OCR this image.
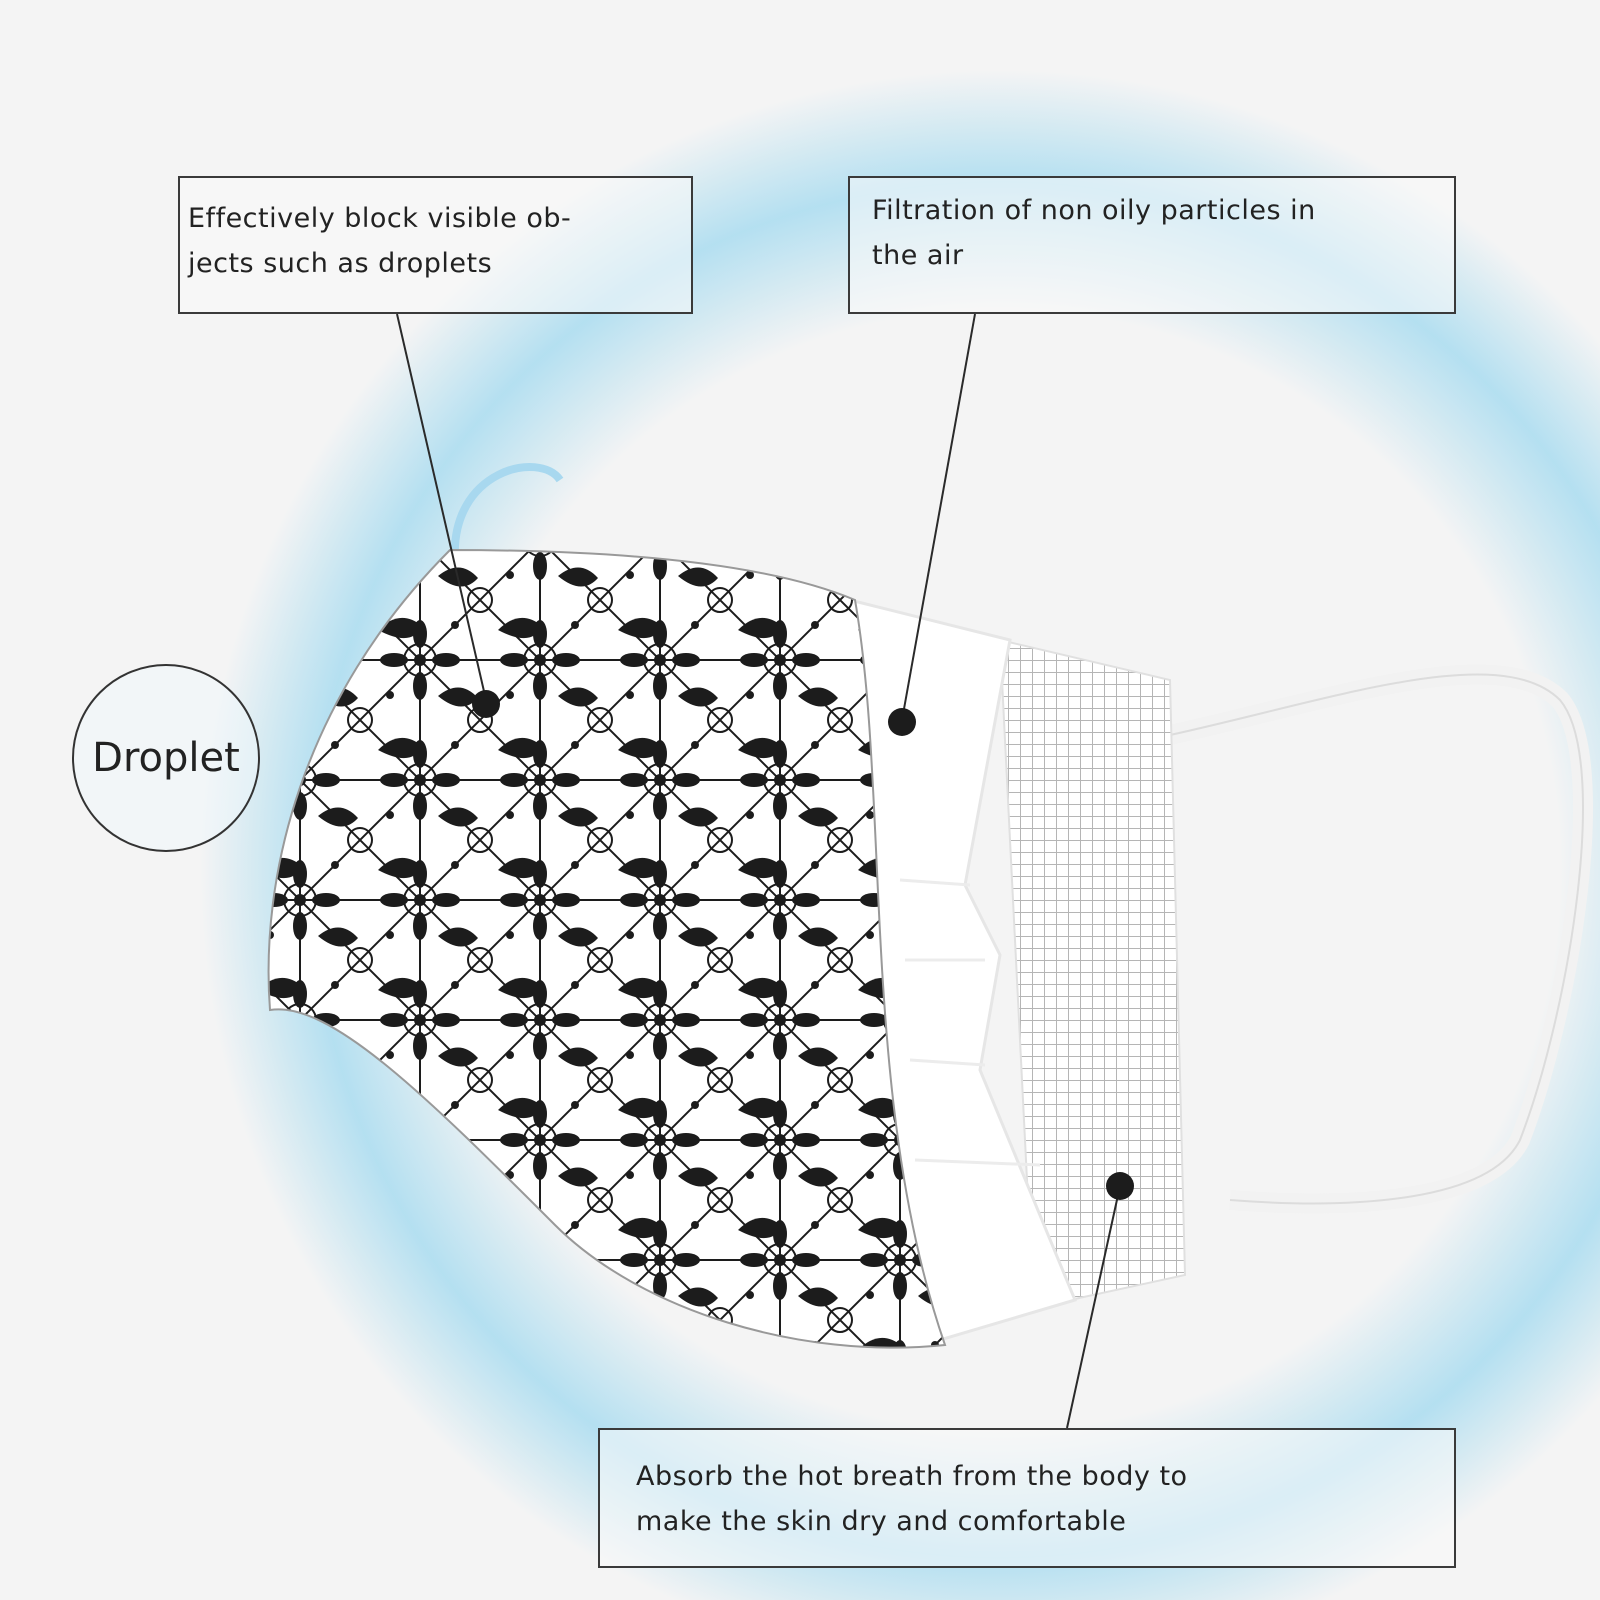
Effectively block visible ob-
jects such as droplets
Filtration of non oily particles in
the air
Absorb the hot breath from the body to
make the skin dry and comfortable
Droplet
